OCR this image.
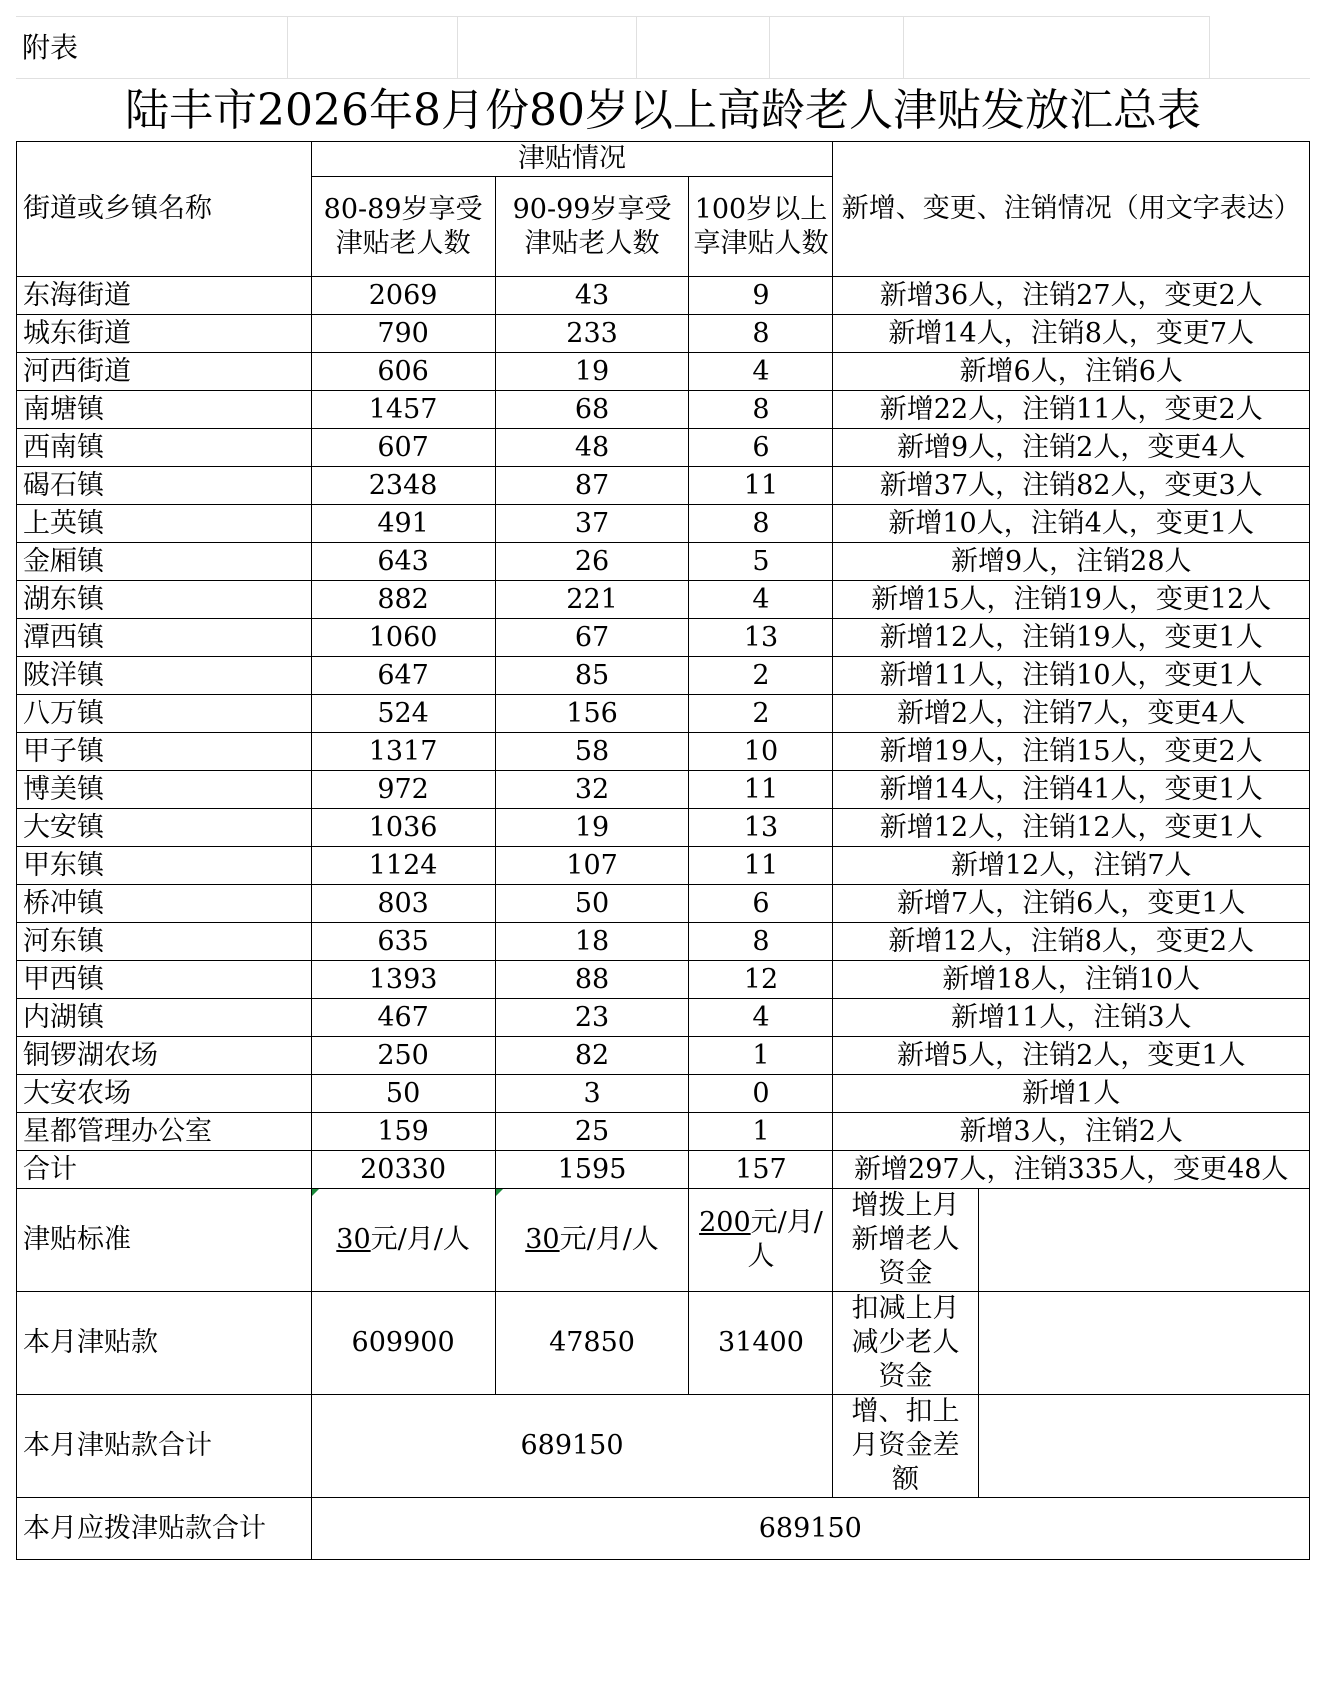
附表
陆丰市2026年8月份80岁以上高龄老人津贴发放汇总表
街道或乡镇名称	津贴情况			新增、变更、注销情况（用文字表达）	
	80-89岁享受津贴老人数	90-99岁享受津贴老人数	100岁以上享津贴人数		
东海街道	2069	43	9	新增36人，注销27人，变更2人	
城东街道	790	233	8	新增14人，注销8人，变更7人	
河西街道	606	19	4	新增6人，注销6人	
南塘镇	1457	68	8	新增22人，注销11人，变更2人	
西南镇	607	48	6	新增9人，注销2人，变更4人	
碣石镇	2348	87	11	新增37人，注销82人，变更3人	
上英镇	491	37	8	新增10人，注销4人，变更1人	
金厢镇	643	26	5	新增9人，注销28人	
湖东镇	882	221	4	新增15人，注销19人，变更12人	
潭西镇	1060	67	13	新增12人，注销19人，变更1人	
陂洋镇	647	85	2	新增11人，注销10人，变更1人	
八万镇	524	156	2	新增2人，注销7人，变更4人	
甲子镇	1317	58	10	新增19人，注销15人，变更2人	
博美镇	972	32	11	新增14人，注销41人，变更1人	
大安镇	1036	19	13	新增12人，注销12人，变更1人	
甲东镇	1124	107	11	新增12人，注销7人	
桥冲镇	803	50	6	新增7人，注销6人，变更1人	
河东镇	635	18	8	新增12人，注销8人，变更2人	
甲西镇	1393	88	12	新增18人，注销10人	
内湖镇	467	23	4	新增11人，注销3人	
铜锣湖农场	250	82	1	新增5人，注销2人，变更1人	
大安农场	50	3	0	新增1人	
星都管理办公室	159	25	1	新增3人，注销2人	
合计	20330	1595	157	新增297人，注销335人，变更48人	
津贴标准	30元/月/人	30元/月/人	200元/月/人	增拨上月新增老人资金	
本月津贴款	609900	47850	31400	扣减上月减少老人资金	
本月津贴款合计	689150			增、扣上月资金差额	
本月应拨津贴款合计	689150				
